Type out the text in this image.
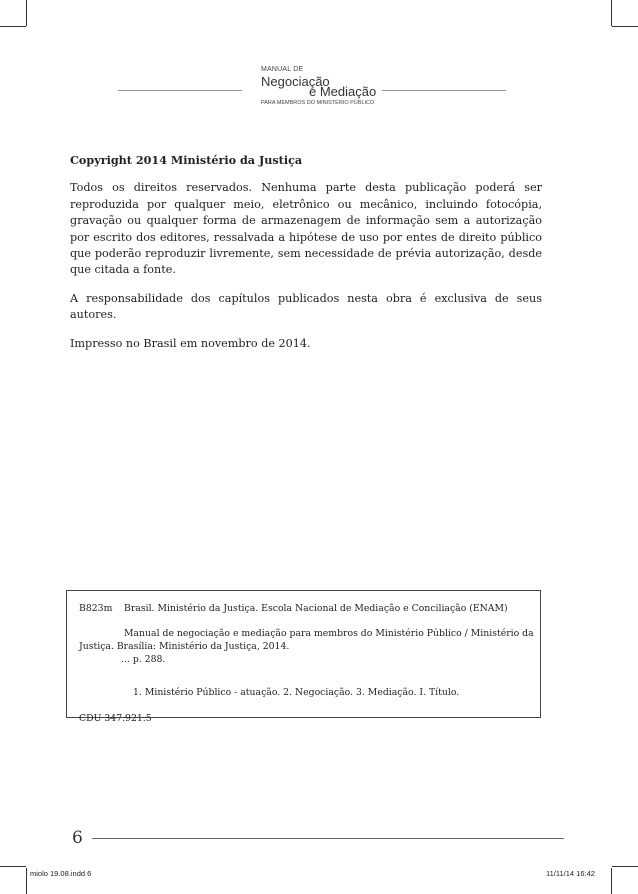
MANUAL DE
Negociação
e Mediação
PARA MEMBROS DO MINISTÉRIO PÚBLICO

Copyright 2014 Ministério da Justiça

Todos os direitos reservados. Nenhuma parte desta publicação poderá ser reproduzida por qualquer meio, eletrônico ou mecânico, incluindo fotocópia, gravação ou qualquer forma de armazenagem de informação sem a autorização por escrito dos editores, ressalvada a hipótese de uso por entes de direito público que poderão reproduzir livremente, sem necessidade de prévia autorização, desde que citada a fonte.

A responsabilidade dos capítulos publicados nesta obra é exclusiva de seus autores.

Impresso no Brasil em novembro de 2014.

B823m Brasil. Ministério da Justiça. Escola Nacional de Mediação e Conciliação (ENAM)
Manual de negociação e mediação para membros do Ministério Público / Ministério da Justiça. Brasília: Ministério da Justiça, 2014.
... p. 288.
1. Ministério Público - atuação. 2. Negociação. 3. Mediação. I. Título.
CDU 347.921.5
6
miolo 19.08.indd 6	11/11/14 16:42
